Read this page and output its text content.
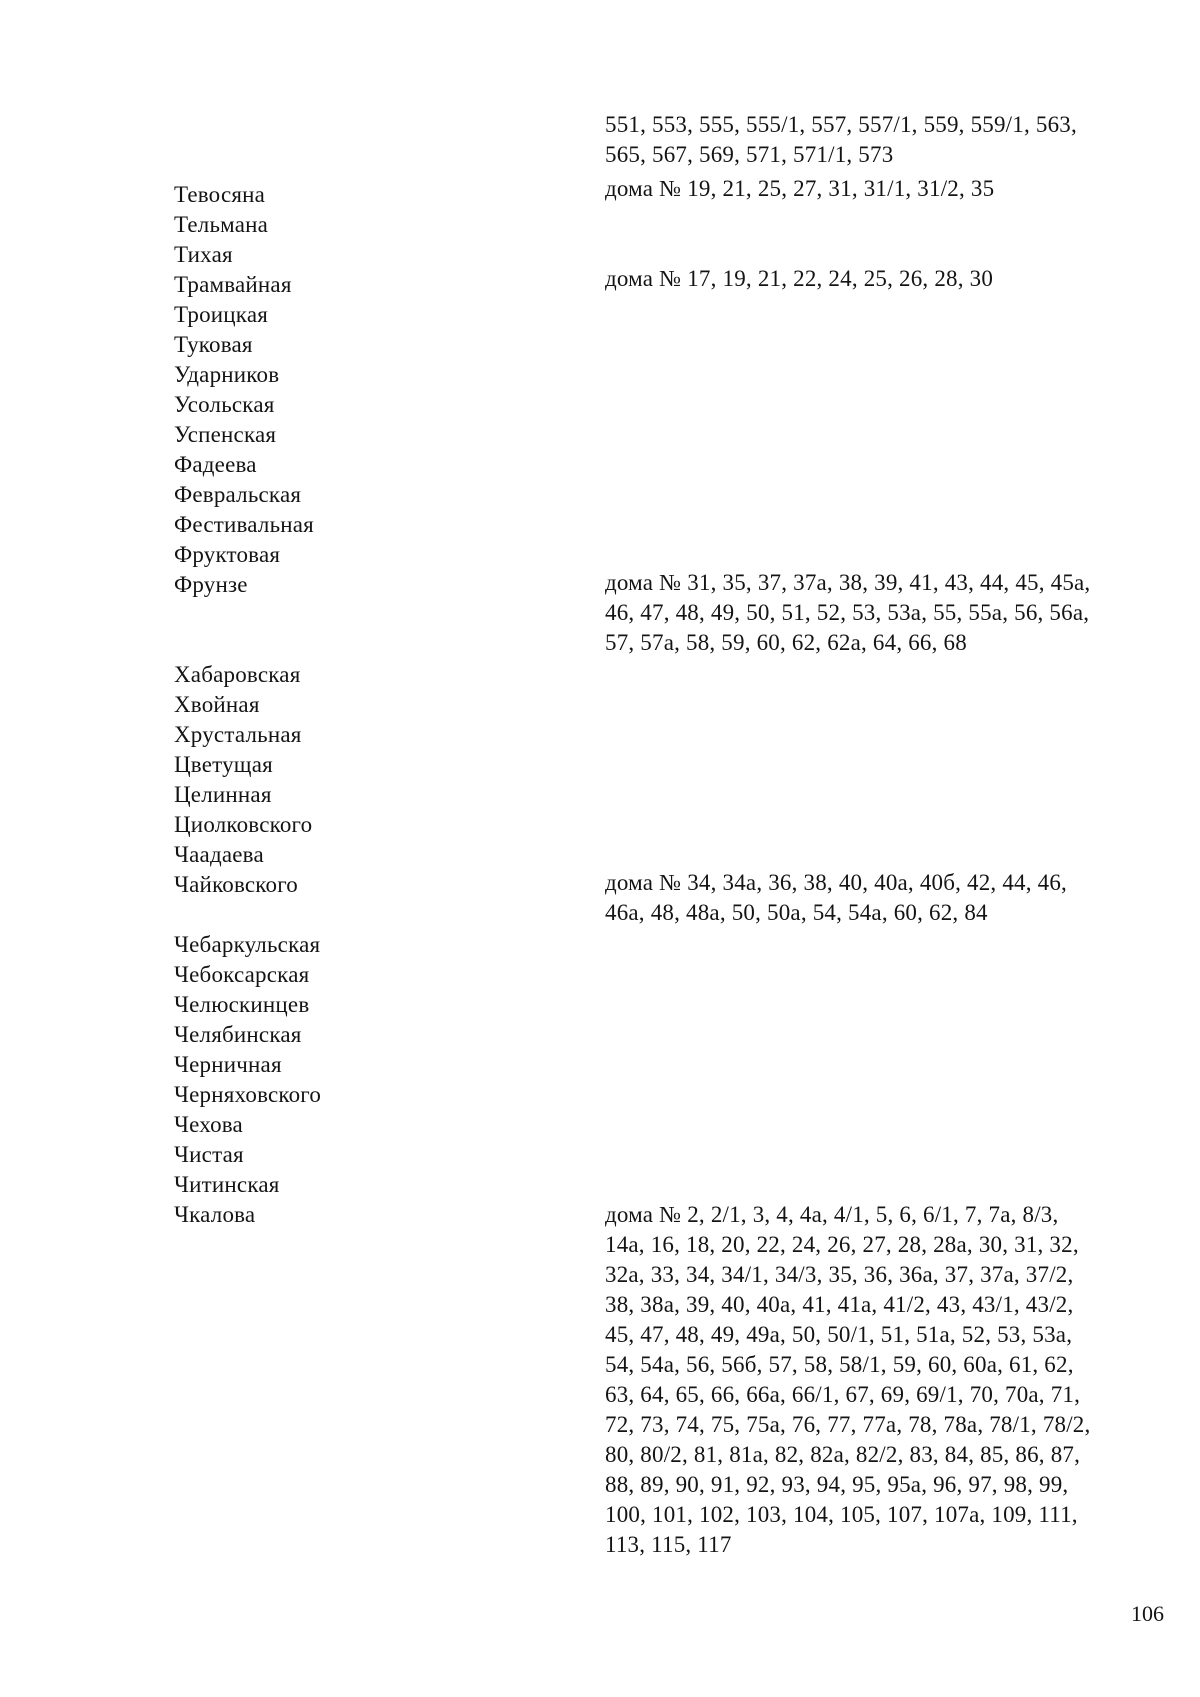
Тевосяна
Тельмана
Тихая
Трамвайная
Троицкая
Туковая
Ударников
Усольская
Успенская
Фадеева
Февральская
Фестивальная
Фруктовая
Фрунзе
Хабаровская
Хвойная
Хрустальная
Цветущая
Целинная
Циолковского
Чаадаева
Чайковского
Чебаркульская
Чебоксарская
Челюскинцев
Челябинская
Черничная
Черняховского
Чехова
Чистая
Читинская
Чкалова
551, 553, 555, 555/1, 557, 557/1, 559, 559/1, 563,
565, 567, 569, 571, 571/1, 573
дома № 19, 21, 25, 27, 31, 31/1, 31/2, 35
дома № 17, 19, 21, 22, 24, 25, 26, 28, 30
дома № 31, 35, 37, 37а, 38, 39, 41, 43, 44, 45, 45а,
46, 47, 48, 49, 50, 51, 52, 53, 53а, 55, 55а, 56, 56а,
57, 57а, 58, 59, 60, 62, 62а, 64, 66, 68
дома № 34, 34а, 36, 38, 40, 40а, 40б, 42, 44, 46,
46а, 48, 48а, 50, 50а, 54, 54а, 60, 62, 84
дома № 2, 2/1, 3, 4, 4а, 4/1, 5, 6, 6/1, 7, 7а, 8/3,
14а, 16, 18, 20, 22, 24, 26, 27, 28, 28а, 30, 31, 32,
32а, 33, 34, 34/1, 34/3, 35, 36, 36а, 37, 37а, 37/2,
38, 38а, 39, 40, 40а, 41, 41а, 41/2, 43, 43/1, 43/2,
45, 47, 48, 49, 49а, 50, 50/1, 51, 51а, 52, 53, 53а,
54, 54а, 56, 56б, 57, 58, 58/1, 59, 60, 60а, 61, 62,
63, 64, 65, 66, 66а, 66/1, 67, 69, 69/1, 70, 70а, 71,
72, 73, 74, 75, 75а, 76, 77, 77а, 78, 78а, 78/1, 78/2,
80, 80/2, 81, 81а, 82, 82а, 82/2, 83, 84, 85, 86, 87,
88, 89, 90, 91, 92, 93, 94, 95, 95а, 96, 97, 98, 99,
100, 101, 102, 103, 104, 105, 107, 107а, 109, 111,
113, 115, 117
106
